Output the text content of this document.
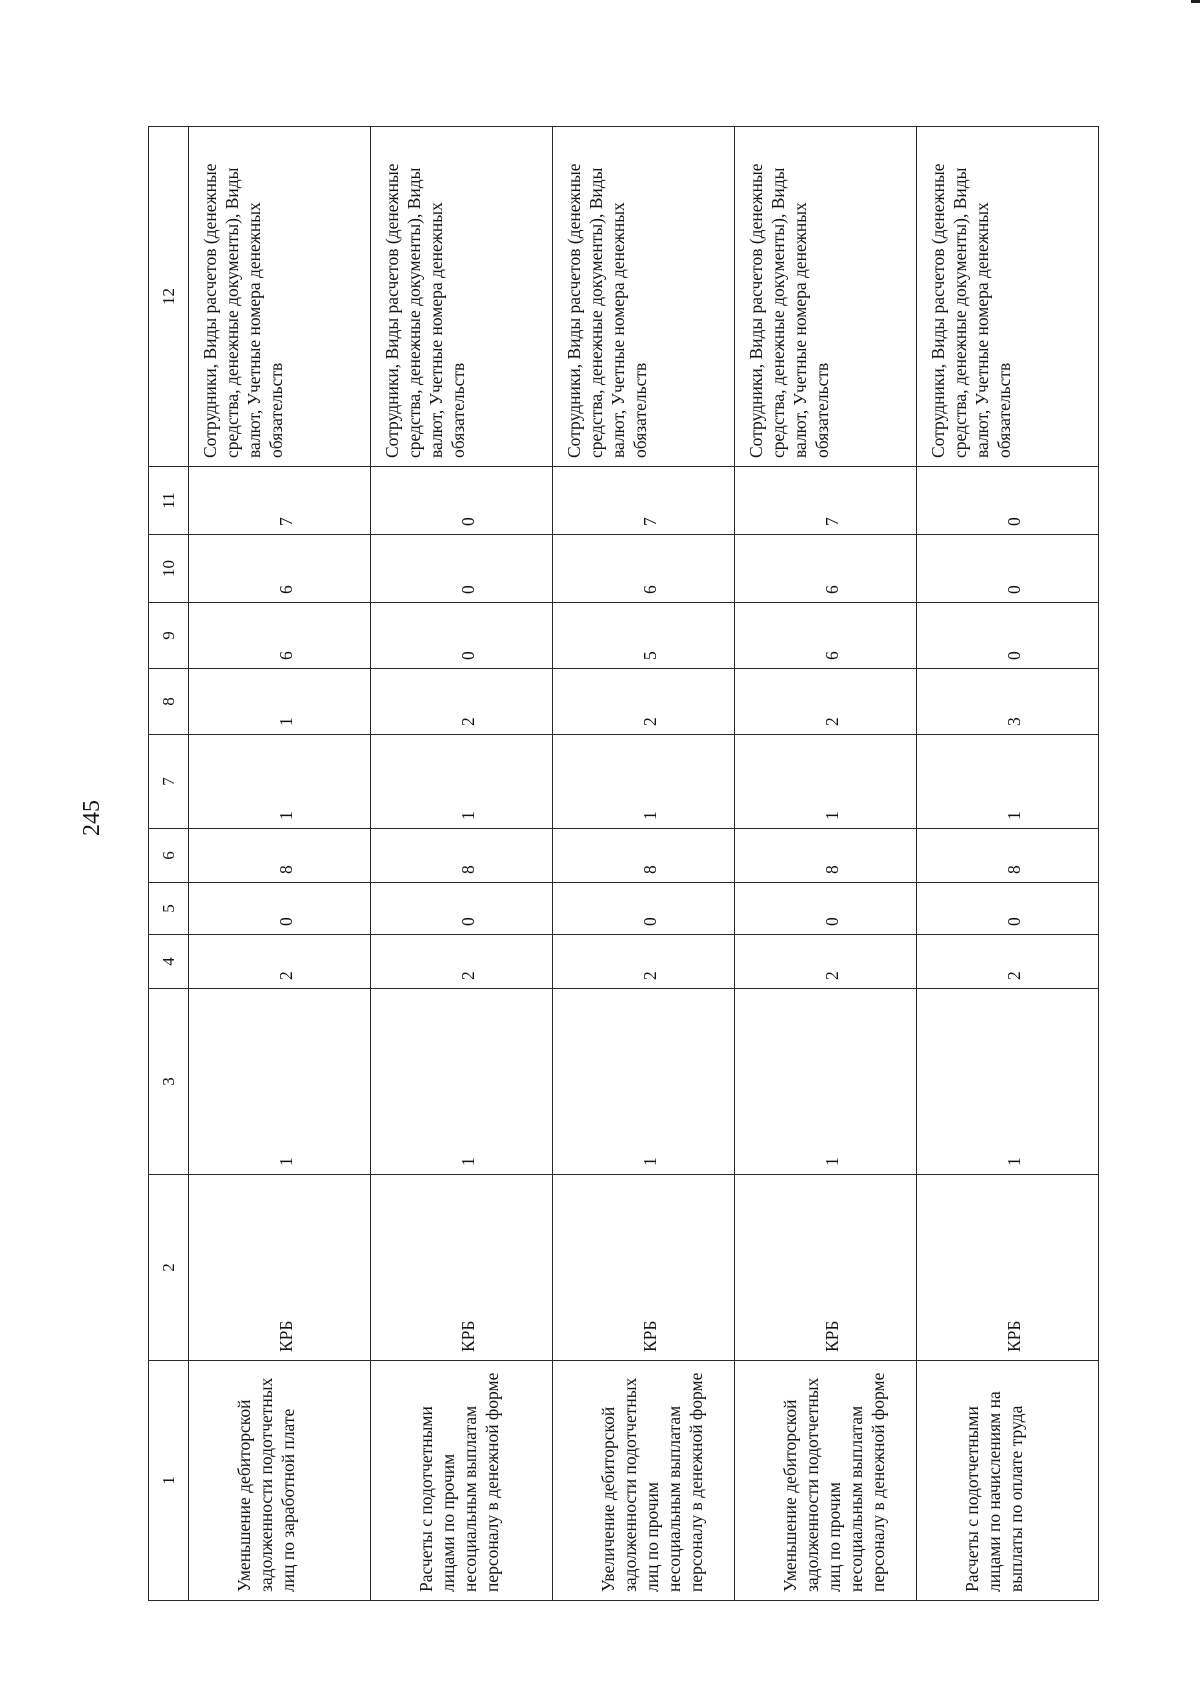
245
1	2	3	4	5	6	7	8	9	10	11	12
Уменьшение дебиторской задолженности подотчетных лиц по заработной плате	КРБ	1	2	0	8	1	1	6	6	7	Сотрудники, Виды расчетов (денежные средства, денежные документы), Виды валют, Учетные номера денежных обязательств
Расчеты с подотчетными лицами по прочим несоциальным выплатам персоналу в денежной форме	КРБ	1	2	0	8	1	2	0	0	0	Сотрудники, Виды расчетов (денежные средства, денежные документы), Виды валют, Учетные номера денежных обязательств
Увеличение дебиторской задолженности подотчетных лиц по прочим несоциальным выплатам персоналу в денежной форме	КРБ	1	2	0	8	1	2	5	6	7	Сотрудники, Виды расчетов (денежные средства, денежные документы), Виды валют, Учетные номера денежных обязательств
Уменьшение дебиторской задолженности подотчетных лиц по прочим несоциальным выплатам персоналу в денежной форме	КРБ	1	2	0	8	1	2	6	6	7	Сотрудники, Виды расчетов (денежные средства, денежные документы), Виды валют, Учетные номера денежных обязательств
Расчеты с подотчетными лицами по начислениям на выплаты по оплате труда	КРБ	1	2	0	8	1	3	0	0	0	Сотрудники, Виды расчетов (денежные средства, денежные документы), Виды валют, Учетные номера денежных обязательств
